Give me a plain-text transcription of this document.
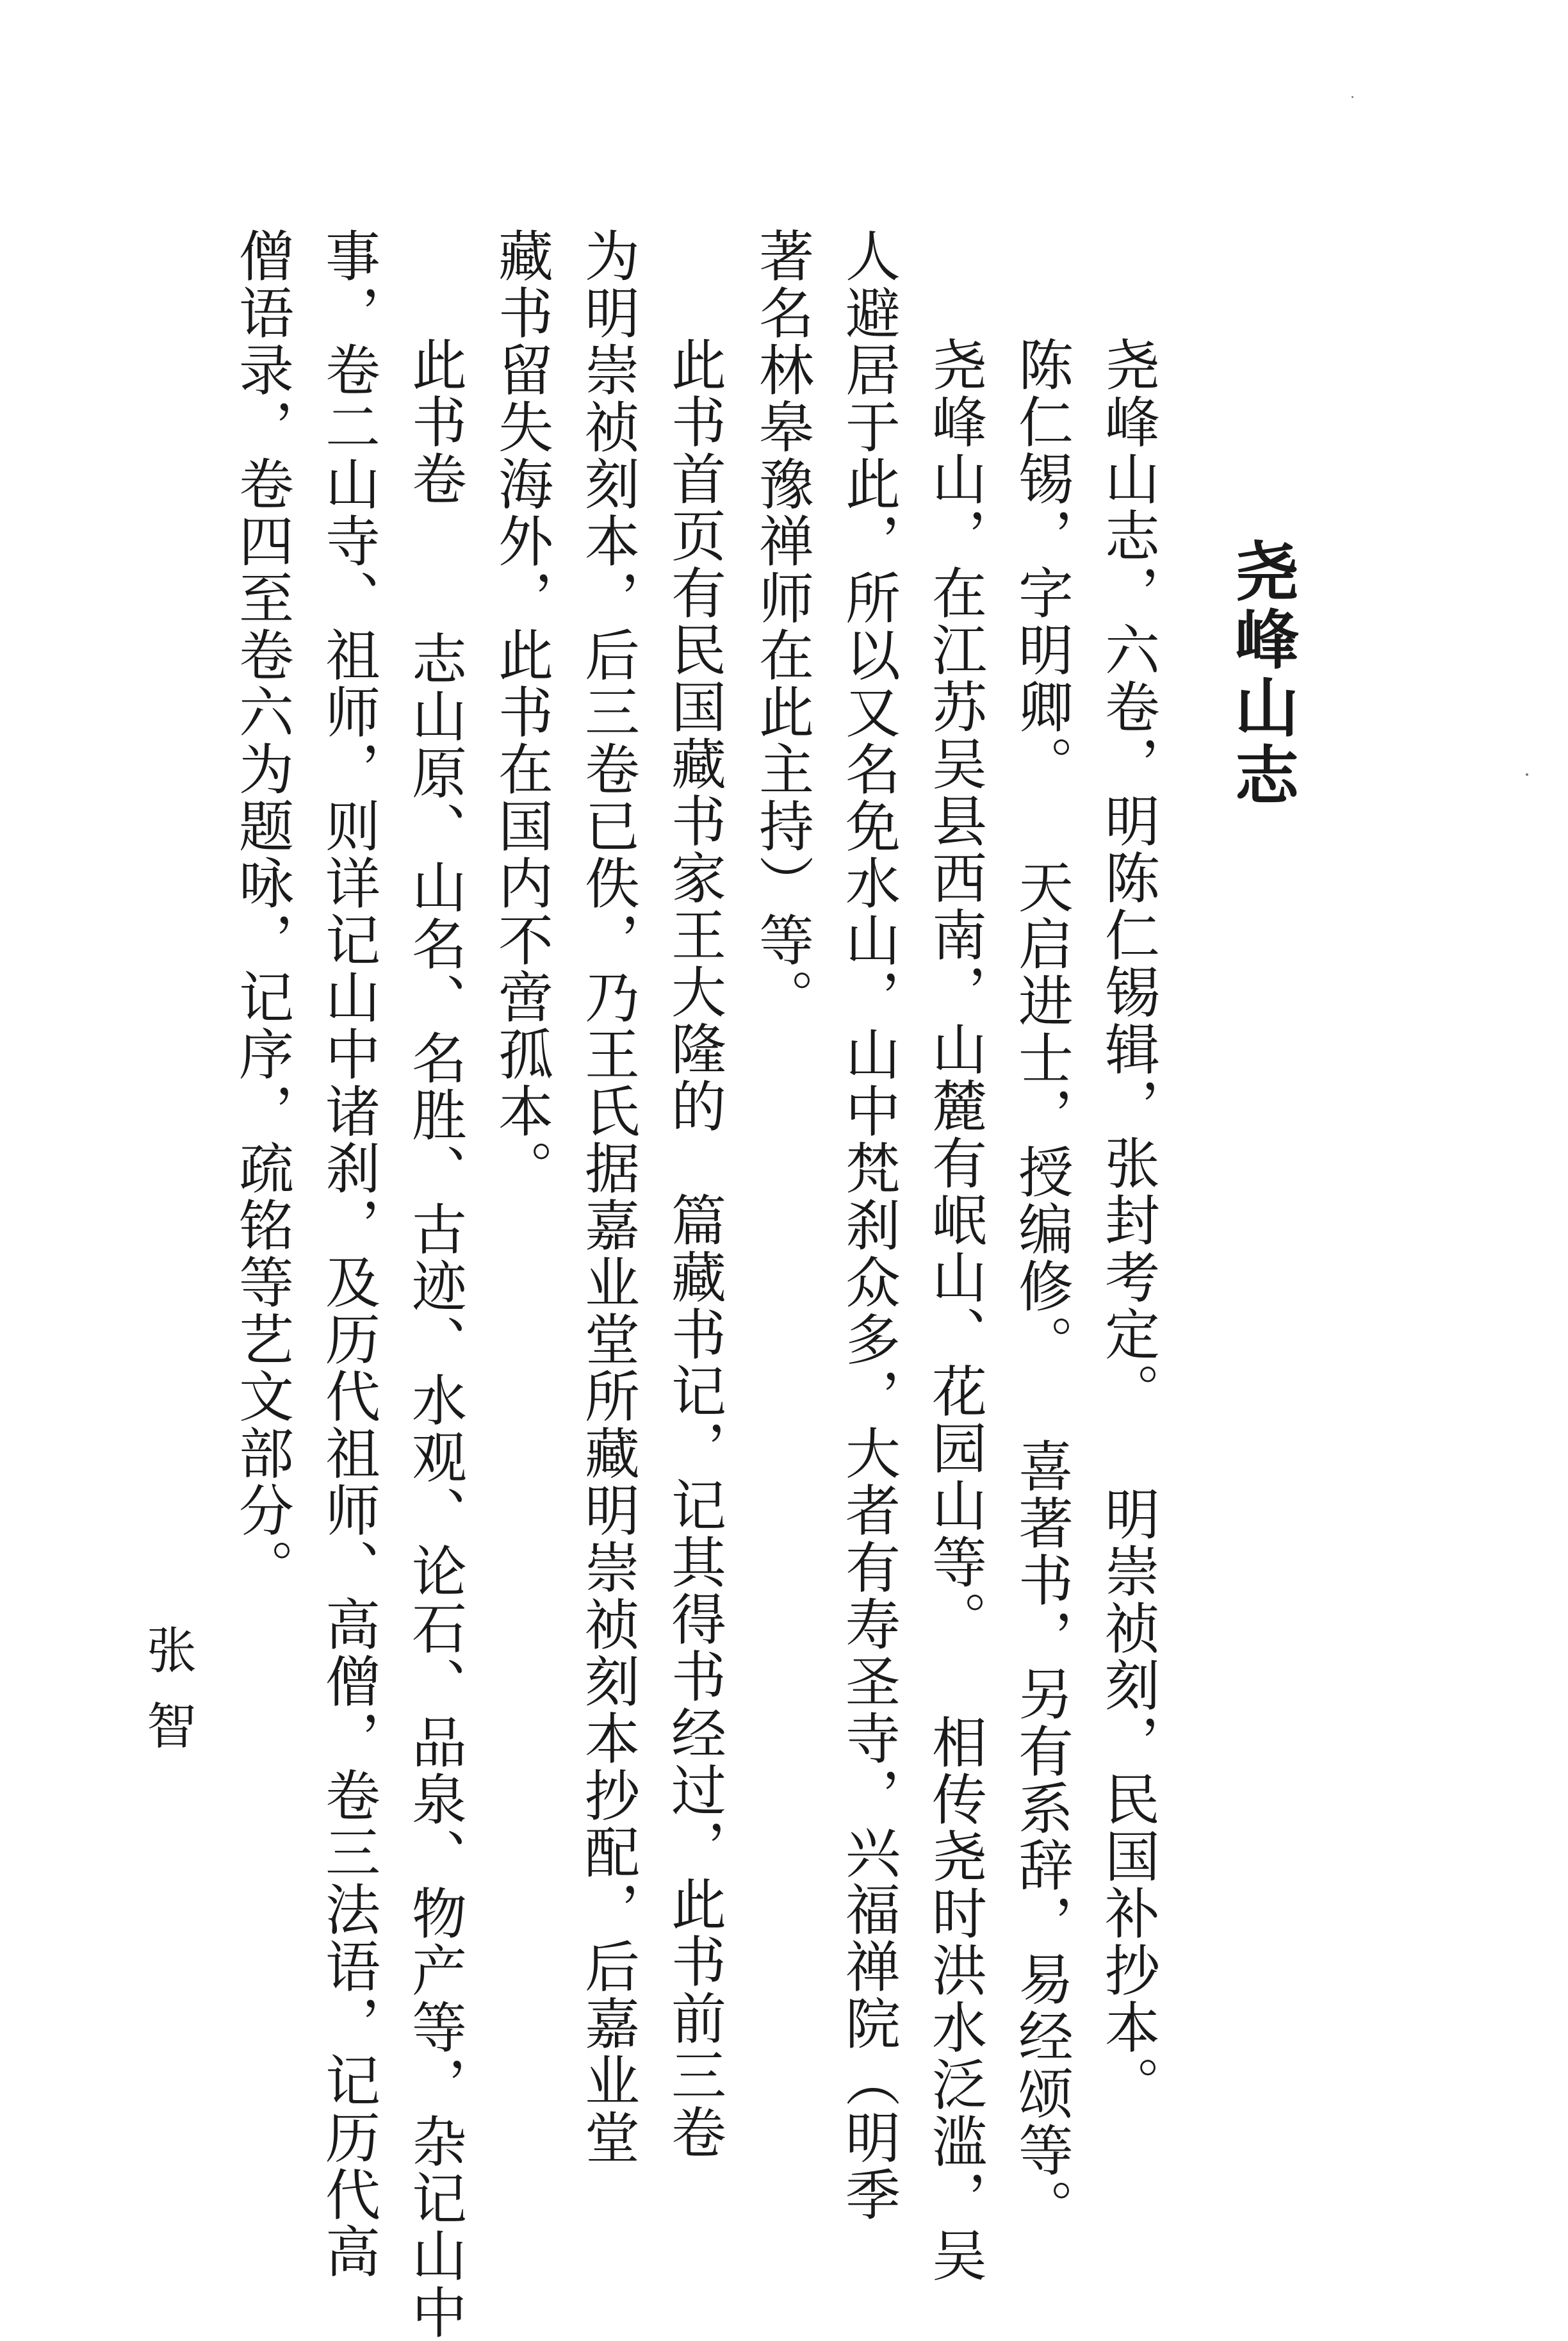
尧峰山志
尧峰山志，六卷，明陈仁锡辑，张封考定。 明崇祯刻，民国补抄本。
陈仁锡，字明卿。 天启进士，授编修。 喜著书，另有系辞，易经颂等。
尧峰山，在江苏吴县西南，山麓有岷山、花园山等。 相传尧时洪水泛滥，吴
人避居于此，所以又名免水山，山中梵刹众多，大者有寿圣寺，兴福禅院（明季
著名林皋豫禅师在此主持）等。
此书首页有民国藏书家王大隆的　篇藏书记，记其得书经过，此书前三卷
为明崇祯刻本，后三卷已佚，乃王氏据嘉业堂所藏明崇祯刻本抄配，后嘉业堂
藏书留失海外，此书在国内不啻孤本。
此书卷　 志山原、山名、名胜、古迹、水观、论石、品泉、物产等，杂记山中
事，卷二山寺、祖师，则详记山中诸刹，及历代祖师、高僧，卷三法语，记历代高
僧语录，卷四至卷六为题咏，记序，疏铭等艺文部分。
张智
